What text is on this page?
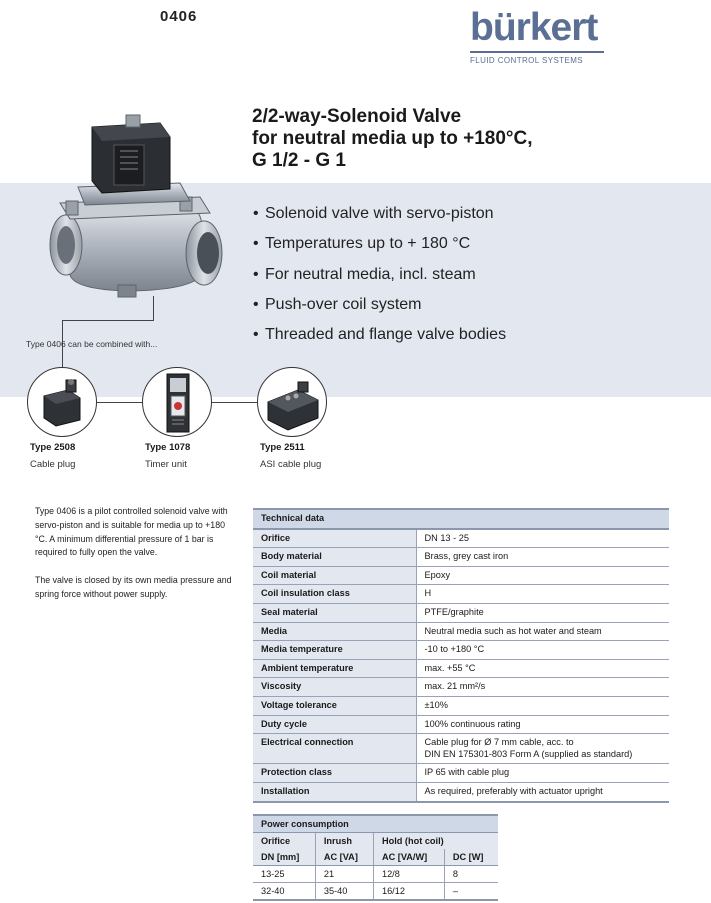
0406	bürkert
FLUID CONTROL SYSTEMS
2/2-way-Solenoid Valve
for neutral media up to +180°C,
G 1/2 - G 1
Type 0406 can be combined with...
• Solenoid valve with servo-piston
• Temperatures up to + 180 °C
• For neutral media, incl. steam
• Push-over coil system
• Threaded and flange valve bodies
Type 2508
Cable plug
Type 1078
Timer unit
Type 2511
ASI cable plug

Type 0406 is a pilot controlled solenoid valve with servo-piston and is suitable for media up to +180 °C. A minimum differential pressure of 1 bar is required to fully open the valve.

The valve is closed by its own media pressure and spring force without power supply.

Technical data	
Orifice	DN 13 - 25
Body material	Brass, grey cast iron
Coil material	Epoxy
Coil insulation class	H
Seal material	PTFE/graphite
Media	Neutral media such as hot water and steam
Media temperature	-10 to +180 °C
Ambient temperature	max. +55 °C
Viscosity	max. 21 mm²/s
Voltage tolerance	±10%
Duty cycle	100% continuous rating
Electrical connection	Cable plug for Ø 7 mm cable, acc. to
DIN EN 175301-803 Form A (supplied as standard)

Protection class	IP 65 with cable plug
Installation	As required, preferably with actuator upright
Power consumption			
Orifice	Inrush	Hold (hot coil)	
DN [mm]	AC [VA]	AC [VA/W]	DC [W]
13-25	21	12/8	8
32-40	35-40	16/12	–
